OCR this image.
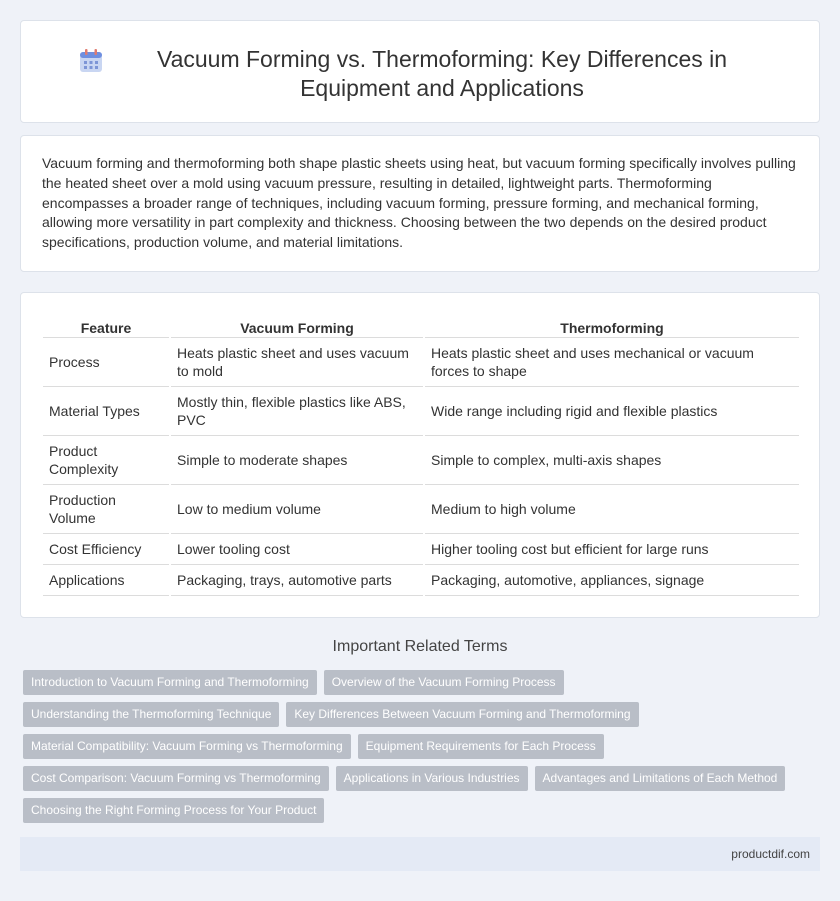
Vacuum Forming vs. Thermoforming: Key Differences in Equipment and Applications

Vacuum forming and thermoforming both shape plastic sheets using heat, but vacuum forming specifically involves pulling the heated sheet over a mold using vacuum pressure, resulting in detailed, lightweight parts. Thermoforming encompasses a broader range of techniques, including vacuum forming, pressure forming, and mechanical forming, allowing more versatility in part complexity and thickness. Choosing between the two depends on the desired product specifications, production volume, and material limitations.

Feature	Vacuum Forming	Thermoforming
Process	Heats plastic sheet and uses vacuum to mold	Heats plastic sheet and uses mechanical or vacuum forces to shape
Material Types	Mostly thin, flexible plastics like ABS, PVC	Wide range including rigid and flexible plastics
Product Complexity	Simple to moderate shapes	Simple to complex, multi-axis shapes
Production Volume	Low to medium volume	Medium to high volume
Cost Efficiency	Lower tooling cost	Higher tooling cost but efficient for large runs
Applications	Packaging, trays, automotive parts	Packaging, automotive, appliances, signage
Important Related Terms
Introduction to Vacuum Forming and Thermoforming	Overview of the Vacuum Forming Process
Understanding the Thermoforming Technique	Key Differences Between Vacuum Forming and Thermoforming
Material Compatibility: Vacuum Forming vs Thermoforming	Equipment Requirements for Each Process
Cost Comparison: Vacuum Forming vs Thermoforming	Applications in Various Industries	Advantages and Limitations of Each Method
Choosing the Right Forming Process for Your Product
productdif.com
